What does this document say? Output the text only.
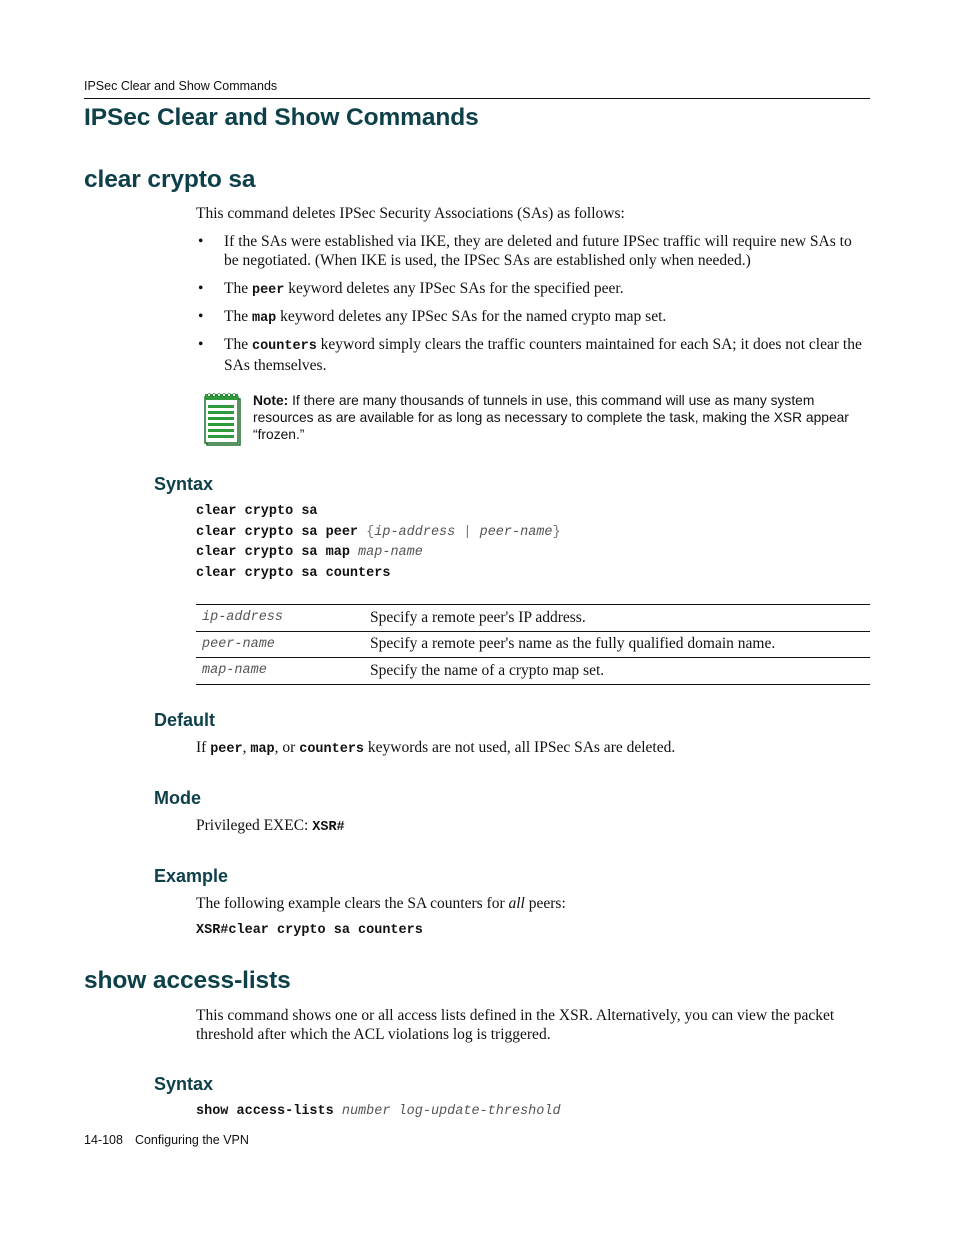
IPSec Clear and Show Commands
IPSec Clear and Show Commands
clear crypto sa
This command deletes IPSec Security Associations (SAs) as follows:
• If the SAs were established via IKE, they are deleted and future IPSec traffic will require new SAs to be negotiated. (When IKE is used, the IPSec SAs are established only when needed.)
• The peer keyword deletes any IPSec SAs for the specified peer.
• The map keyword deletes any IPSec SAs for the named crypto map set.
• The counters keyword simply clears the traffic counters maintained for each SA; it does not clear the SAs themselves.
Note: If there are many thousands of tunnels in use, this command will use as many system resources as are available for as long as necessary to complete the task, making the XSR appear “frozen.”
Syntax
clear crypto sa
clear crypto sa peer {ip-address | peer-name}
clear crypto sa map map-name
clear crypto sa counters
ip-address	Specify a remote peer's IP address.
peer-name	Specify a remote peer's name as the fully qualified domain name.
map-name	Specify the name of a crypto map set.
Default
If peer, map, or counters keywords are not used, all IPSec SAs are deleted.
Mode
Privileged EXEC: XSR#
Example
The following example clears the SA counters for all peers:
XSR#clear crypto sa counters
show access-lists
This command shows one or all access lists defined in the XSR. Alternatively, you can view the packet threshold after which the ACL violations log is triggered.
Syntax
show access-lists number log-update-threshold
14-108 Configuring the VPN
